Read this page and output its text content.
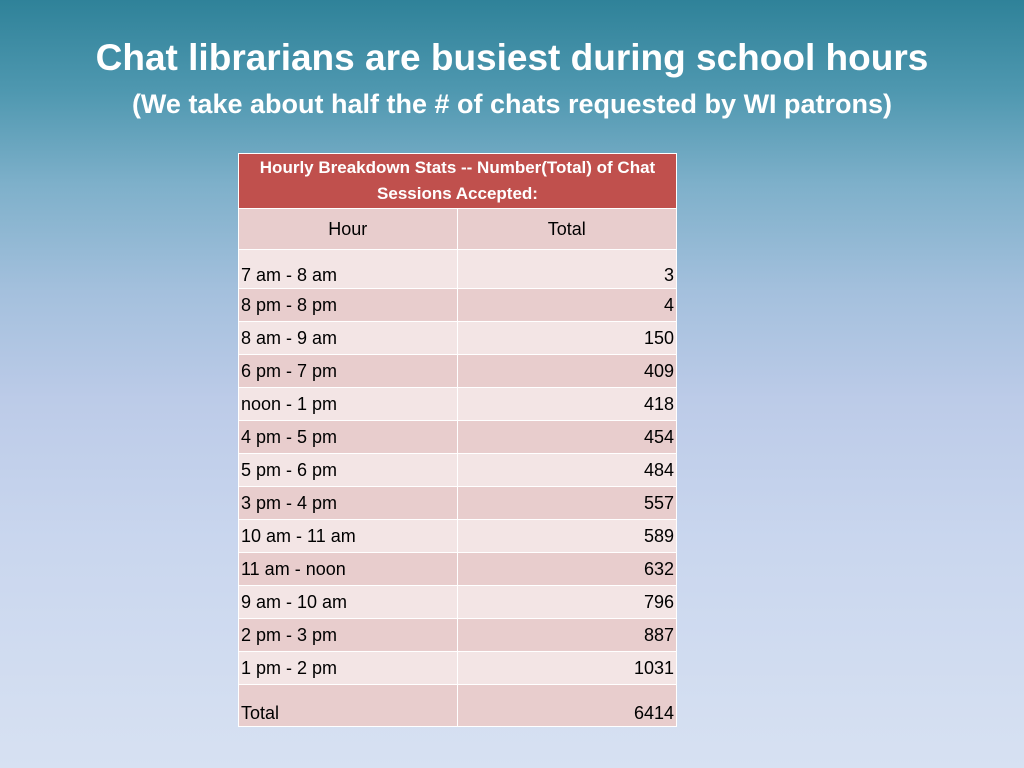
Chat librarians are busiest during school hours
(We take about half the # of chats requested by WI patrons)
Hourly Breakdown Stats -- Number(Total) of Chat Sessions Accepted:	
Hour	Total
7 am - 8 am	3
8 pm - 8 pm	4
8 am - 9 am	150
6 pm - 7 pm	409
noon - 1 pm	418
4 pm - 5 pm	454
5 pm - 6 pm	484
3 pm - 4 pm	557
10 am - 11 am	589
11 am - noon	632
9 am - 10 am	796
2 pm - 3 pm	887
1 pm - 2 pm	1031
Total	6414
